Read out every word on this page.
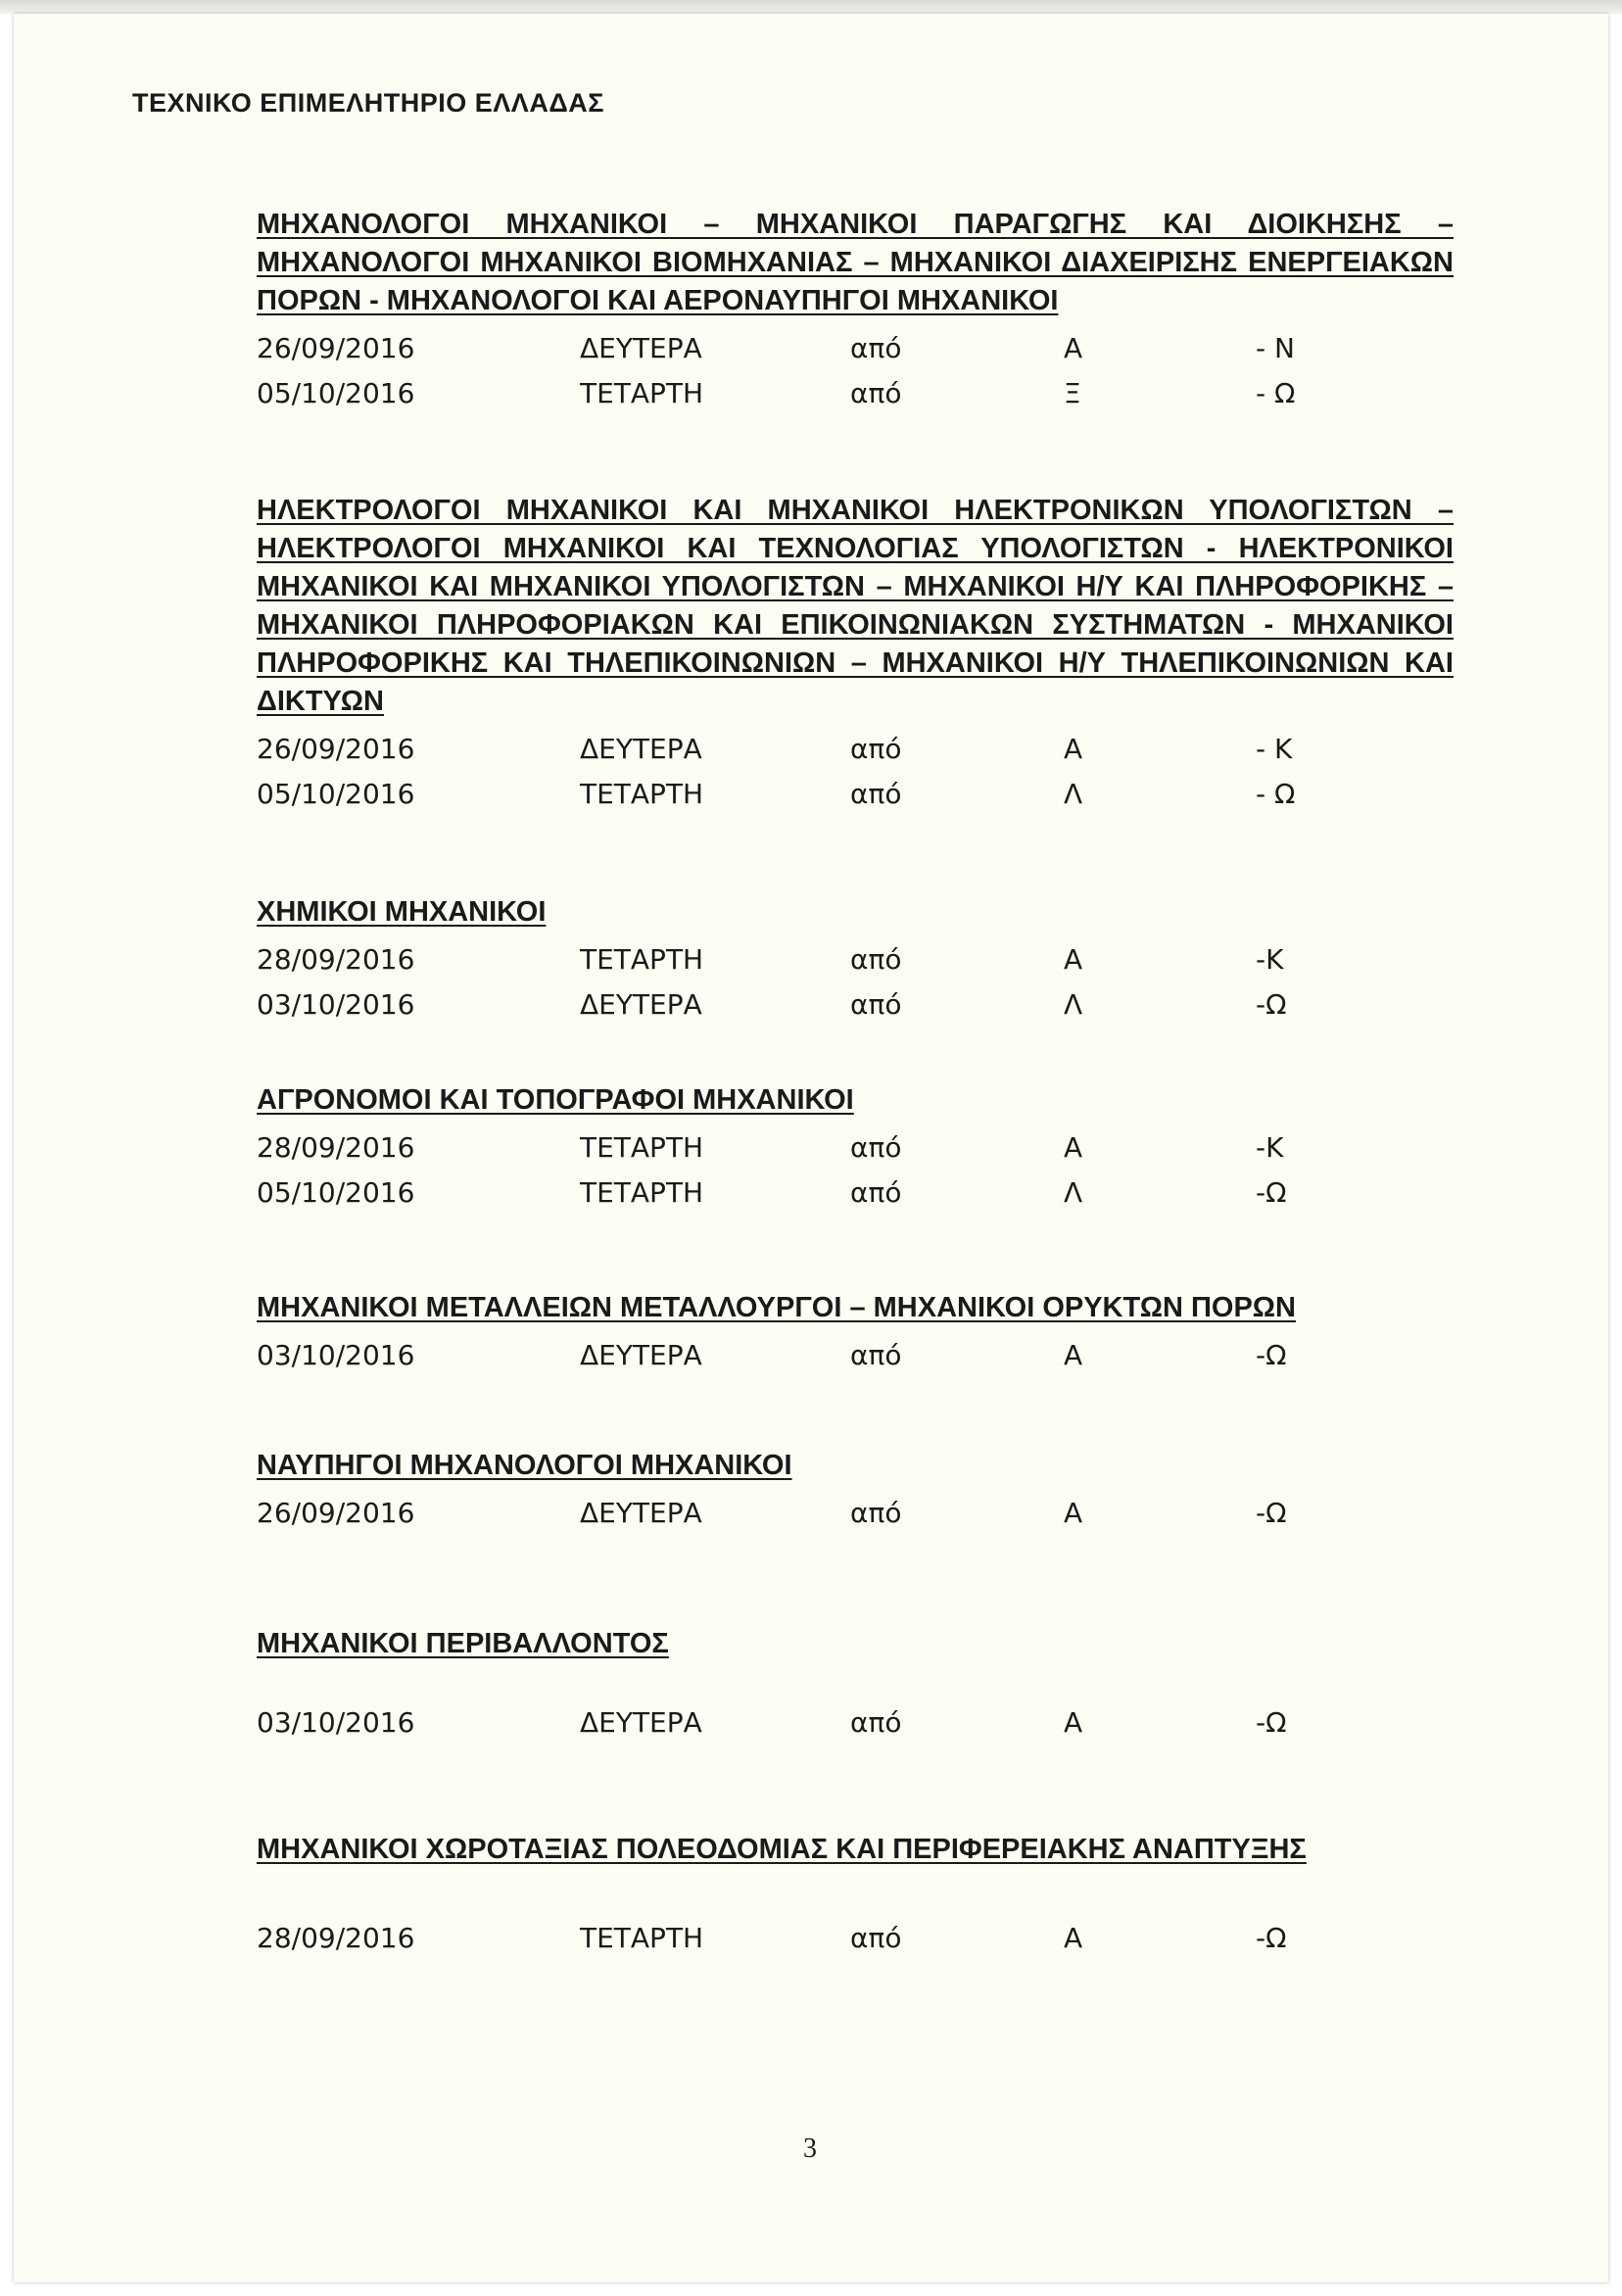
ΤΕΧΝΙΚΟ ΕΠΙΜΕΛΗΤΗΡΙΟ ΕΛΛΑΔΑΣ

ΜΗΧΑΝΟΛΟΓΟΙ ΜΗΧΑΝΙΚΟΙ – ΜΗΧΑΝΙΚΟΙ ΠΑΡΑΓΩΓΗΣ ΚΑΙ ΔΙΟΙΚΗΣΗΣ – ΜΗΧΑΝΟΛΟΓΟΙ ΜΗΧΑΝΙΚΟΙ ΒΙΟΜΗΧΑΝΙΑΣ – ΜΗΧΑΝΙΚΟΙ ΔΙΑΧΕΙΡΙΣΗΣ ΕΝΕΡΓΕΙΑΚΩΝ ΠΟΡΩΝ - ΜΗΧΑΝΟΛΟΓΟΙ ΚΑΙ ΑΕΡΟΝΑΥΠΗΓΟΙ ΜΗΧΑΝΙΚΟΙ

26/09/2016	ΔΕΥΤΕΡΑ	από	Α	- Ν
05/10/2016	ΤΕΤΑΡΤΗ	από	Ξ	- Ω

ΗΛΕΚΤΡΟΛΟΓΟΙ ΜΗΧΑΝΙΚΟΙ ΚΑΙ ΜΗΧΑΝΙΚΟΙ ΗΛΕΚΤΡΟΝΙΚΩΝ ΥΠΟΛΟΓΙΣΤΩΝ – ΗΛΕΚΤΡΟΛΟΓΟΙ ΜΗΧΑΝΙΚΟΙ ΚΑΙ ΤΕΧΝΟΛΟΓΙΑΣ ΥΠΟΛΟΓΙΣΤΩΝ - ΗΛΕΚΤΡΟΝΙΚΟΙ ΜΗΧΑΝΙΚΟΙ ΚΑΙ ΜΗΧΑΝΙΚΟΙ ΥΠΟΛΟΓΙΣΤΩΝ – ΜΗΧΑΝΙΚΟΙ Η/Υ ΚΑΙ ΠΛΗΡΟΦΟΡΙΚΗΣ – ΜΗΧΑΝΙΚΟΙ ΠΛΗΡΟΦΟΡΙΑΚΩΝ ΚΑΙ ΕΠΙΚΟΙΝΩΝΙΑΚΩΝ ΣΥΣΤΗΜΑΤΩΝ - ΜΗΧΑΝΙΚΟΙ ΠΛΗΡΟΦΟΡΙΚΗΣ ΚΑΙ ΤΗΛΕΠΙΚΟΙΝΩΝΙΩΝ – ΜΗΧΑΝΙΚΟΙ Η/Υ ΤΗΛΕΠΙΚΟΙΝΩΝΙΩΝ ΚΑΙ ΔΙΚΤΥΩΝ

26/09/2016	ΔΕΥΤΕΡΑ	από	Α	- Κ
05/10/2016	ΤΕΤΑΡΤΗ	από	Λ	- Ω

ΧΗΜΙΚΟΙ ΜΗΧΑΝΙΚΟΙ

28/09/2016	ΤΕΤΑΡΤΗ	από	Α	-Κ
03/10/2016	ΔΕΥΤΕΡΑ	από	Λ	-Ω

ΑΓΡΟΝΟΜΟΙ ΚΑΙ ΤΟΠΟΓΡΑΦΟΙ ΜΗΧΑΝΙΚΟΙ

28/09/2016	ΤΕΤΑΡΤΗ	από	Α	-Κ
05/10/2016	ΤΕΤΑΡΤΗ	από	Λ	-Ω

ΜΗΧΑΝΙΚΟΙ ΜΕΤΑΛΛΕΙΩΝ ΜΕΤΑΛΛΟΥΡΓΟΙ – ΜΗΧΑΝΙΚΟΙ ΟΡΥΚΤΩΝ ΠΟΡΩΝ

03/10/2016	ΔΕΥΤΕΡΑ	από	Α	-Ω

ΝΑΥΠΗΓΟΙ ΜΗΧΑΝΟΛΟΓΟΙ ΜΗΧΑΝΙΚΟΙ

26/09/2016	ΔΕΥΤΕΡΑ	από	Α	-Ω

ΜΗΧΑΝΙΚΟΙ ΠΕΡΙΒΑΛΛΟΝΤΟΣ

03/10/2016	ΔΕΥΤΕΡΑ	από	Α	-Ω

ΜΗΧΑΝΙΚΟΙ ΧΩΡΟΤΑΞΙΑΣ ΠΟΛΕΟΔΟΜΙΑΣ ΚΑΙ ΠΕΡΙΦΕΡΕΙΑΚΗΣ ΑΝΑΠΤΥΞΗΣ

28/09/2016	ΤΕΤΑΡΤΗ	από	Α	-Ω
3
